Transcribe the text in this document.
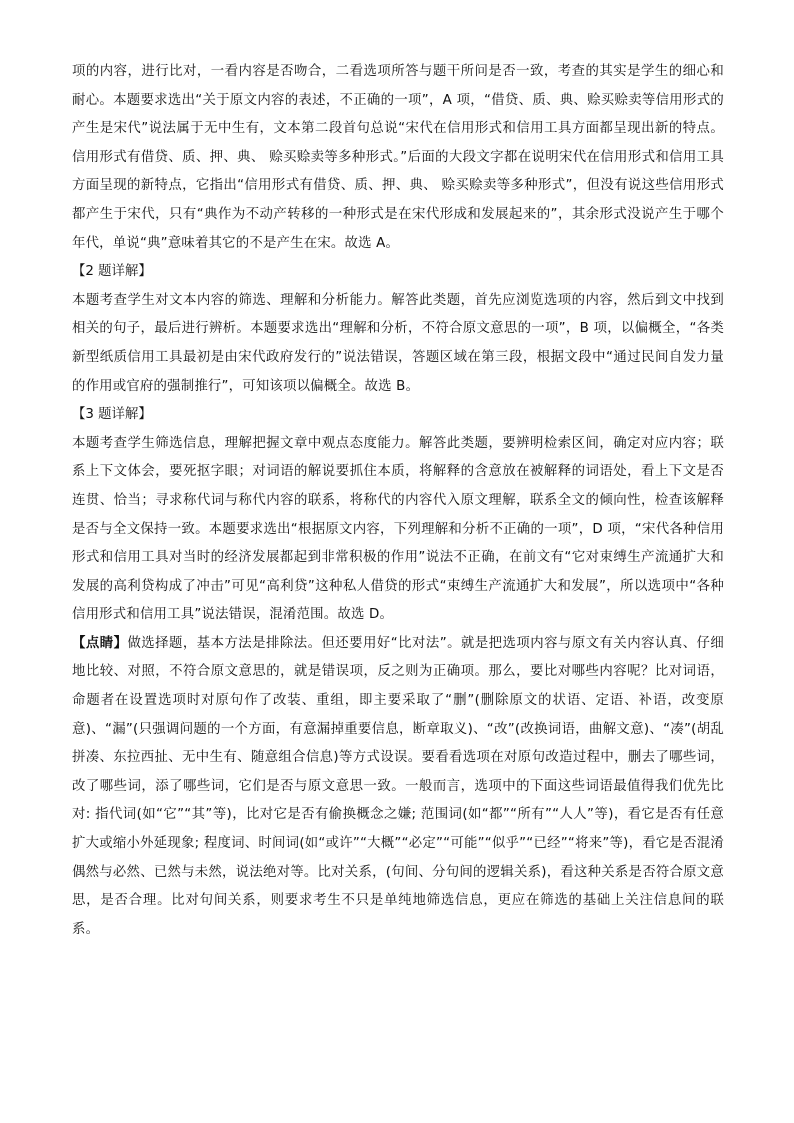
项的内容，进行比对，一看内容是否吻合，二看选项所答与题干所问是否一致，考查的其实是学生的细心和耐心。本题要求选出“关于原文内容的表述，不正确的一项”，A 项，“借贷、质、典、赊买赊卖等信用形式的产生是宋代”说法属于无中生有，文本第二段首句总说“宋代在信用形式和信用工具方面都呈现出新的特点。信用形式有借贷、质、押、典、 赊买赊卖等多种形式。”后面的大段文字都在说明宋代在信用形式和信用工具方面呈现的新特点，它指出“信用形式有借贷、质、押、典、 赊买赊卖等多种形式”，但没有说这些信用形式都产生于宋代，只有“典作为不动产转移的一种形式是在宋代形成和发展起来的”，其余形式没说产生于哪个年代，单说“典”意味着其它的不是产生在宋。故选 A。

【2 题详解】

本题考查学生对文本内容的筛选、理解和分析能力。解答此类题，首先应浏览选项的内容，然后到文中找到相关的句子，最后进行辨析。本题要求选出“理解和分析，不符合原文意思的一项”，B 项，以偏概全，“各类新型纸质信用工具最初是由宋代政府发行的”说法错误，答题区域在第三段，根据文段中“通过民间自发力量的作用或官府的强制推行”，可知该项以偏概全。故选 B。

【3 题详解】

本题考查学生筛选信息，理解把握文章中观点态度能力。解答此类题，要辨明检索区间，确定对应内容；联系上下文体会，要死抠字眼；对词语的解说要抓住本质，将解释的含意放在被解释的词语处，看上下文是否连贯、恰当；寻求称代词与称代内容的联系，将称代的内容代入原文理解，联系全文的倾向性，检查该解释是否与全文保持一致。本题要求选出“根据原文内容，下列理解和分析不正确的一项”，D 项，“宋代各种信用形式和信用工具对当时的经济发展都起到非常积极的作用”说法不正确，在前文有“它对束缚生产流通扩大和发展的高利贷构成了冲击”可见“高利贷”这种私人借贷的形式“束缚生产流通扩大和发展”，所以选项中“各种信用形式和信用工具”说法错误，混淆范围。故选 D。

【点睛】做选择题，基本方法是排除法。但还要用好“比对法”。就是把选项内容与原文有关内容认真、仔细地比较、对照，不符合原文意思的，就是错误项，反之则为正确项。那么，要比对哪些内容呢？比对词语，命题者在设置选项时对原句作了改装、重组，即主要采取了“删”(删除原文的状语、定语、补语，改变原意)、“漏”(只强调问题的一个方面，有意漏掉重要信息，断章取义)、“改”(改换词语，曲解文意)、“凑”(胡乱拼凑、东拉西扯、无中生有、随意组合信息)等方式设误。要看看选项在对原句改造过程中，删去了哪些词，改了哪些词，添了哪些词，它们是否与原文意思一致。一般而言，选项中的下面这些词语最值得我们优先比对: 指代词(如“它”“其”等)，比对它是否有偷换概念之嫌; 范围词(如“都”“所有”“人人”等)，看它是否有任意扩大或缩小外延现象; 程度词、时间词(如“或许”“大概”“必定”“可能”“似乎”“已经”“将来”等)，看它是否混淆偶然与必然、已然与未然，说法绝对等。比对关系，(句间、分句间的逻辑关系)，看这种关系是否符合原文意思，是否合理。比对句间关系，则要求考生不只是单纯地筛选信息，更应在筛选的基础上关注信息间的联系。
